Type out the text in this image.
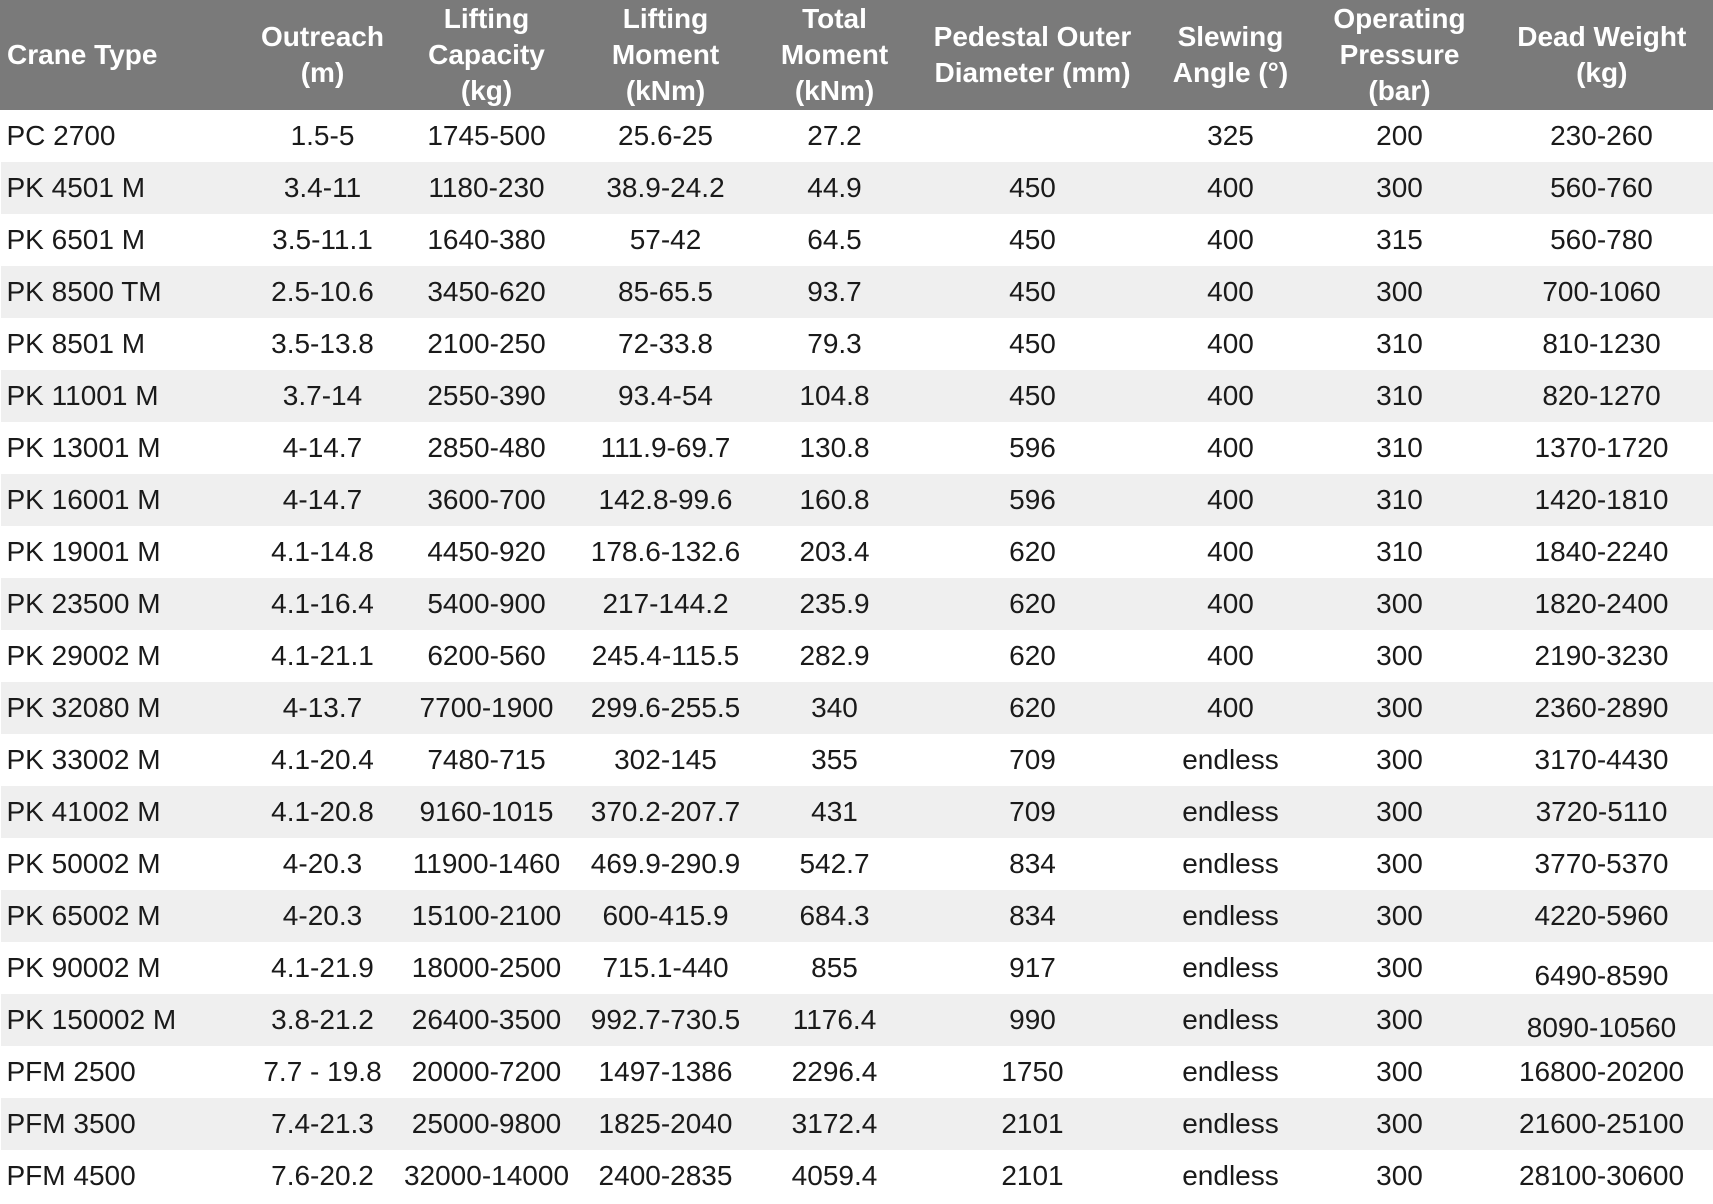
Crane Type	Outreach (m)	Lifting Capacity (kg)	Lifting Moment (kNm)	Total Moment (kNm)	Pedestal Outer Diameter (mm)	Slewing Angle (°)	Operating Pressure (bar)	Dead Weight (kg)
PC 2700	1.5-5	1745-500	25.6-25	27.2		325	200	230-260
PK 4501 M	3.4-11	1180-230	38.9-24.2	44.9	450	400	300	560-760
PK 6501 M	3.5-11.1	1640-380	57-42	64.5	450	400	315	560-780
PK 8500 TM	2.5-10.6	3450-620	85-65.5	93.7	450	400	300	700-1060
PK 8501 M	3.5-13.8	2100-250	72-33.8	79.3	450	400	310	810-1230
PK 11001 M	3.7-14	2550-390	93.4-54	104.8	450	400	310	820-1270
PK 13001 M	4-14.7	2850-480	111.9-69.7	130.8	596	400	310	1370-1720
PK 16001 M	4-14.7	3600-700	142.8-99.6	160.8	596	400	310	1420-1810
PK 19001 M	4.1-14.8	4450-920	178.6-132.6	203.4	620	400	310	1840-2240
PK 23500 M	4.1-16.4	5400-900	217-144.2	235.9	620	400	300	1820-2400
PK 29002 M	4.1-21.1	6200-560	245.4-115.5	282.9	620	400	300	2190-3230
PK 32080 M	4-13.7	7700-1900	299.6-255.5	340	620	400	300	2360-2890
PK 33002 M	4.1-20.4	7480-715	302-145	355	709	endless	300	3170-4430
PK 41002 M	4.1-20.8	9160-1015	370.2-207.7	431	709	endless	300	3720-5110
PK 50002 M	4-20.3	11900-1460	469.9-290.9	542.7	834	endless	300	3770-5370
PK 65002 M	4-20.3	15100-2100	600-415.9	684.3	834	endless	300	4220-5960
PK 90002 M	4.1-21.9	18000-2500	715.1-440	855	917	endless	300	6490-8590
PK 150002 M	3.8-21.2	26400-3500	992.7-730.5	1176.4	990	endless	300	8090-10560
PFM 2500	7.7 - 19.8	20000-7200	1497-1386	2296.4	1750	endless	300	16800-20200
PFM 3500	7.4-21.3	25000-9800	1825-2040	3172.4	2101	endless	300	21600-25100
PFM 4500	7.6-20.2	32000-14000	2400-2835	4059.4	2101	endless	300	28100-30600
